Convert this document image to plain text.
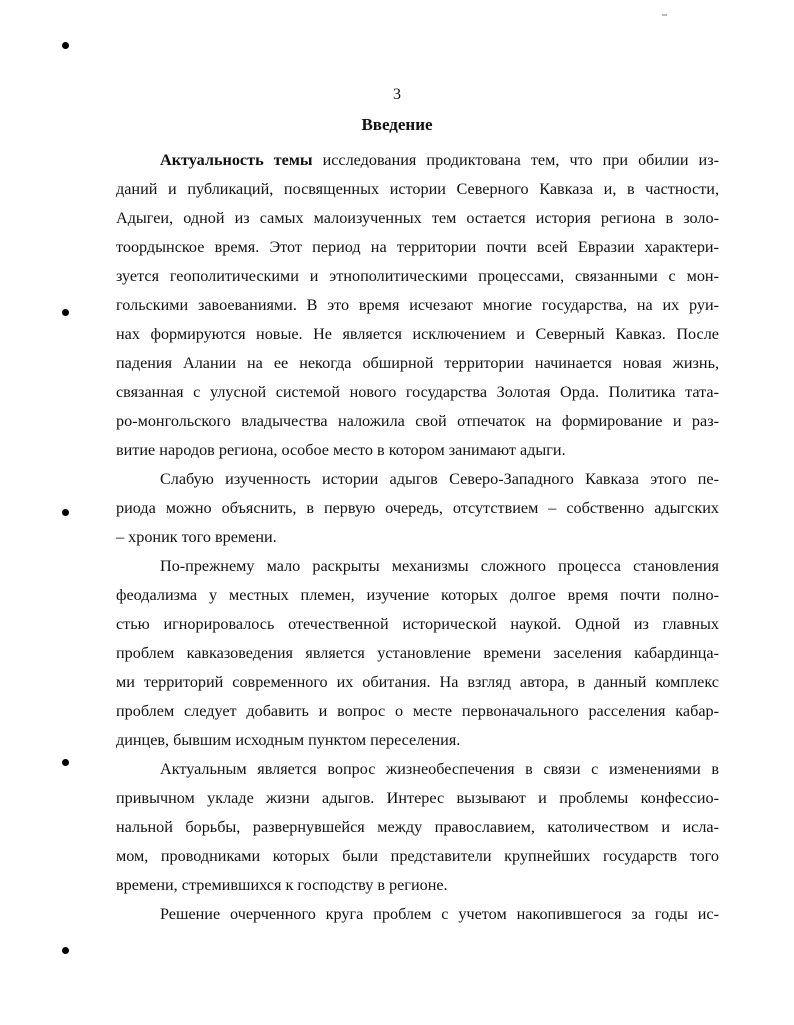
3
Введение
Актуальность темы исследования продиктована тем, что при обилии из-
даний и публикаций, посвященных истории Северного Кавказа и, в частности,
Адыгеи, одной из самых малоизученных тем остается история региона в золо-
тоордынское время. Этот период на территории почти всей Евразии характери-
зуется геополитическими и этнополитическими процессами, связанными с мон-
гольскими завоеваниями. В это время исчезают многие государства, на их руи-
нах формируются новые. Не является исключением и Северный Кавказ. После
падения Алании на ее некогда обширной территории начинается новая жизнь,
связанная с улусной системой нового государства Золотая Орда. Политика тата-
ро-монгольского владычества наложила свой отпечаток на формирование и раз-
витие народов региона, особое место в котором занимают адыги.
Слабую изученность истории адыгов Северо-Западного Кавказа этого пе-
риода можно объяснить, в первую очередь, отсутствием – собственно адыгских
– хроник того времени.
По-прежнему мало раскрыты механизмы сложного процесса становления
феодализма у местных племен, изучение которых долгое время почти полно-
стью игнорировалось отечественной исторической наукой. Одной из главных
проблем кавказоведения является установление времени заселения кабардинца-
ми территорий современного их обитания. На взгляд автора, в данный комплекс
проблем следует добавить и вопрос о месте первоначального расселения кабар-
динцев, бывшим исходным пунктом переселения.
Актуальным является вопрос жизнеобеспечения в связи с изменениями в
привычном укладе жизни адыгов. Интерес вызывают и проблемы конфессио-
нальной борьбы, развернувшейся между православием, католичеством и исла-
мом, проводниками которых были представители крупнейших государств того
времени, стремившихся к господству в регионе.
Решение очерченного круга проблем с учетом накопившегося за годы ис-
